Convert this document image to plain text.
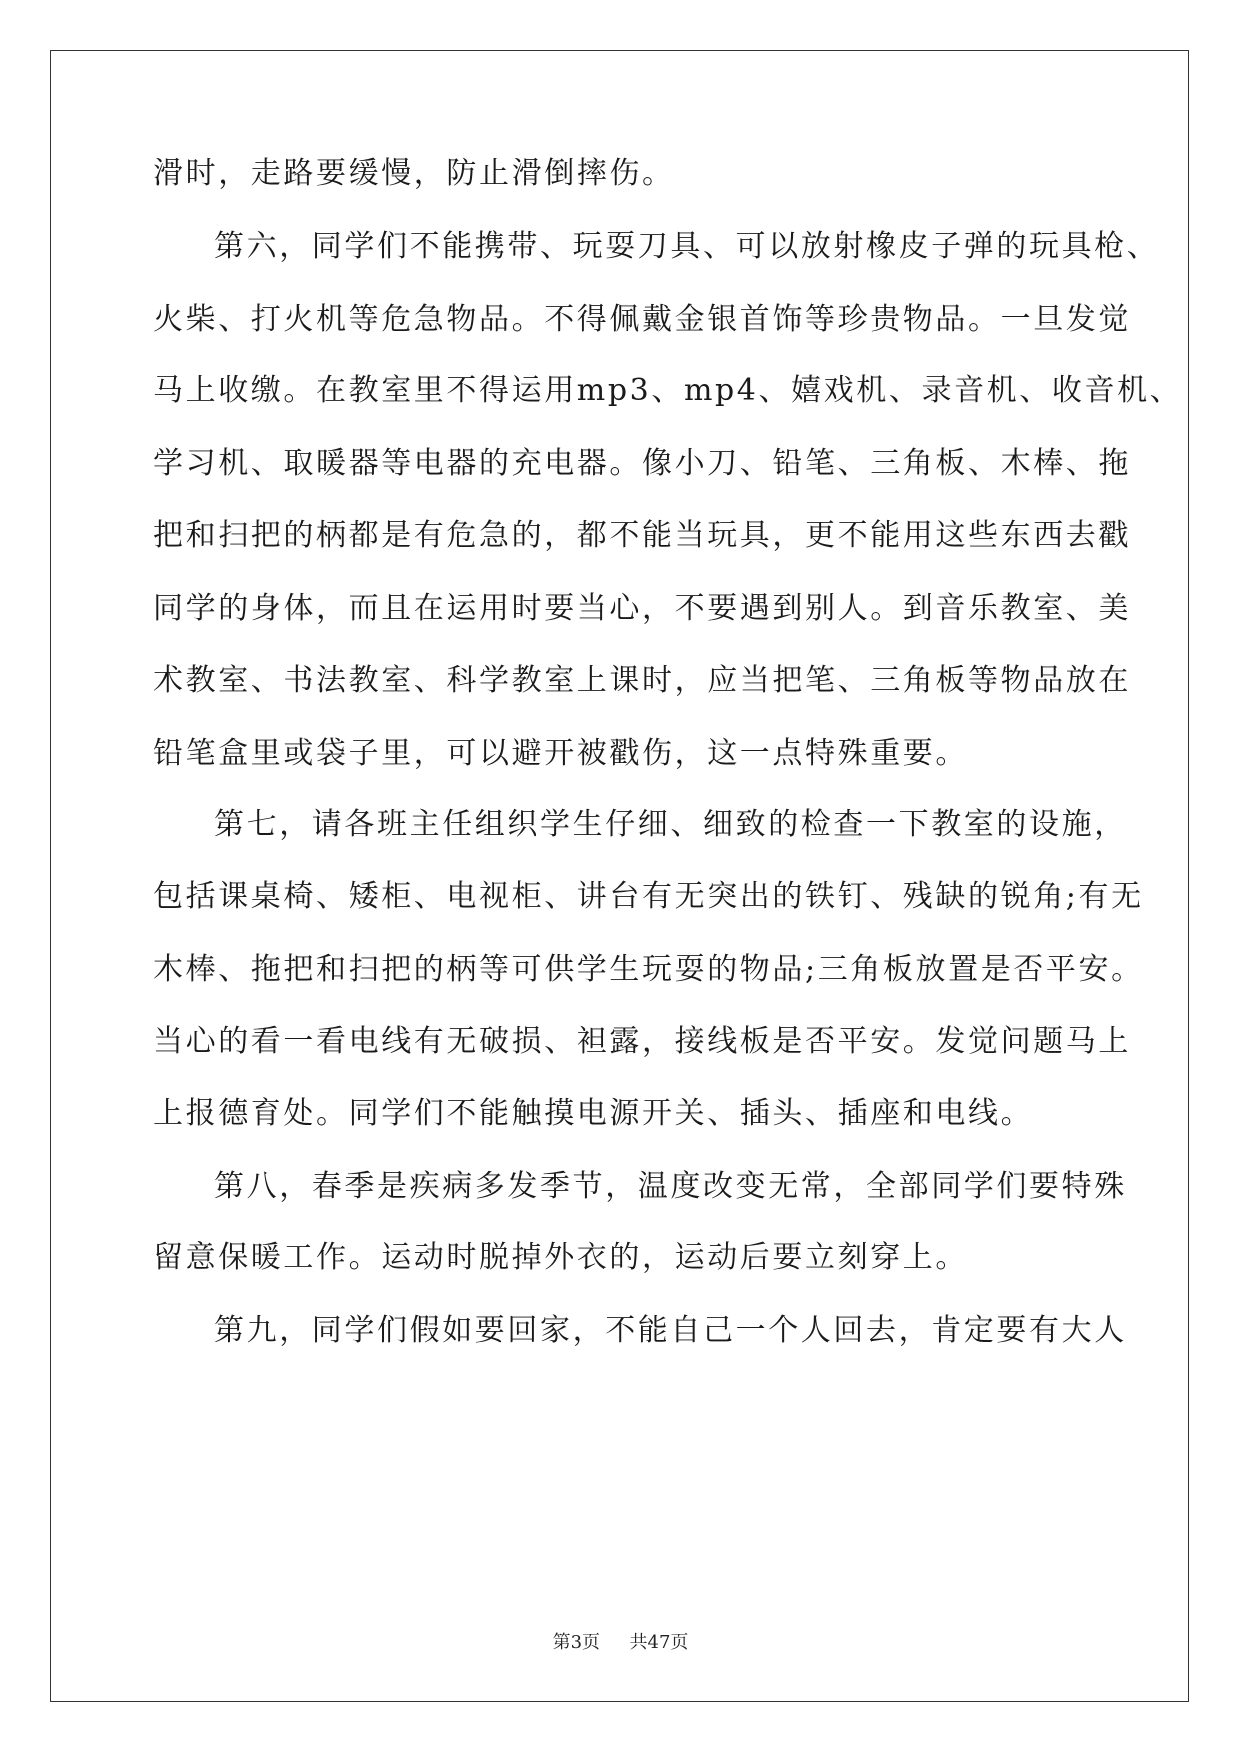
滑时，走路要缓慢，防止滑倒摔伤。
第六，同学们不能携带、玩耍刀具、可以放射橡皮子弹的玩具枪、
火柴、打火机等危急物品。不得佩戴金银首饰等珍贵物品。一旦发觉
马上收缴。在教室里不得运用mp3、mp4、嬉戏机、录音机、收音机、
学习机、取暖器等电器的充电器。像小刀、铅笔、三角板、木棒、拖
把和扫把的柄都是有危急的，都不能当玩具，更不能用这些东西去戳
同学的身体，而且在运用时要当心，不要遇到别人。到音乐教室、美
术教室、书法教室、科学教室上课时，应当把笔、三角板等物品放在
铅笔盒里或袋子里，可以避开被戳伤，这一点特殊重要。
第七，请各班主任组织学生仔细、细致的检查一下教室的设施，
包括课桌椅、矮柜、电视柜、讲台有无突出的铁钉、残缺的锐角;有无
木棒、拖把和扫把的柄等可供学生玩耍的物品;三角板放置是否平安。
当心的看一看电线有无破损、袒露，接线板是否平安。发觉问题马上
上报德育处。同学们不能触摸电源开关、插头、插座和电线。
第八，春季是疾病多发季节，温度改变无常，全部同学们要特殊
留意保暖工作。运动时脱掉外衣的，运动后要立刻穿上。
第九，同学们假如要回家，不能自己一个人回去，肯定要有大人
第3页 共47页
